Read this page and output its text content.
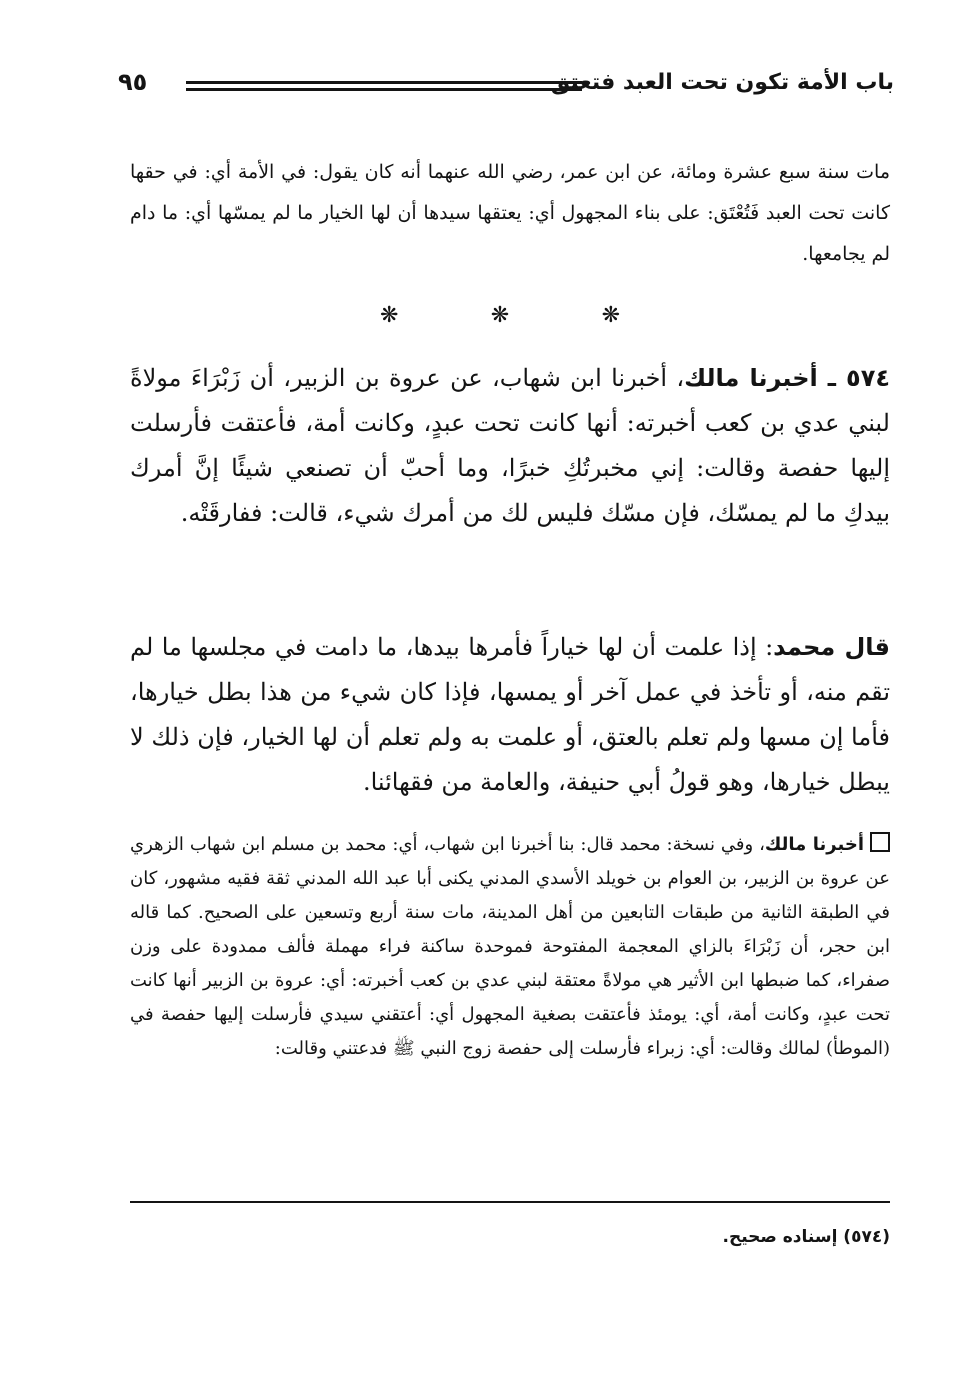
باب الأمة تكون تحت العبد فتعتق
٩٥

مات سنة سبع عشرة ومائة، عن ابن عمر، رضي الله عنهما أنه كان يقول: في الأمة أي: في حقها كانت تحت العبد فَتُعْتَق: على بناء المجهول أي: يعتقها سيدها أن لها الخيار ما لم يمسّها أي: ما دام لم يجامعها.

❋	❋	❋

٥٧٤ ـ أخبرنا مالك، أخبرنا ابن شهاب، عن عروة بن الزبير، أن زَبْرَاءَ مولاةً لبني عدي بن كعب أخبرته: أنها كانت تحت عبدٍ، وكانت أمة، فأعتقت فأرسلت إليها حفصة وقالت: إني مخبرتُكِ خبرًا، وما أحبّ أن تصنعي شيئًا إنَّ أمرك بيدكِ ما لم يمسّك، فإن مسّك فليس لك من أمرك شيء، قالت: ففارقَتْه.

قال محمد: إذا علمت أن لها خياراً فأمرها بيدها، ما دامت في مجلسها ما لم تقم منه، أو تأخذ في عمل آخر أو يمسها، فإذا كان شيء من هذا بطل خيارها، فأما إن مسها ولم تعلم بالعتق، أو علمت به ولم تعلم أن لها الخيار، فإن ذلك لا يبطل خيارها، وهو قولُ أبي حنيفة، والعامة من فقهائنا.

أخبرنا مالك، وفي نسخة: محمد قال: بنا أخبرنا ابن شهاب، أي: محمد بن مسلم ابن شهاب الزهري عن عروة بن الزبير، بن العوام بن خويلد الأسدي المدني يكنى أبا عبد الله المدني ثقة فقيه مشهور، كان في الطبقة الثانية من طبقات التابعين من أهل المدينة، مات سنة أربع وتسعين على الصحيح. كما قاله ابن حجر، أن زَبْرَاءَ بالزاي المعجمة المفتوحة فموحدة ساكنة فراء مهملة فألف ممدودة على وزن صفراء، كما ضبطها ابن الأثير هي مولاةً معتقة لبني عدي بن كعب أخبرته: أي: عروة بن الزبير أنها كانت تحت عبدٍ، وكانت أمة، أي: يومئذ فأعتقت بصغية المجهول أي: أعتقني سيدي فأرسلت إليها حفصة في (الموطأ) لمالك وقالت: أي: زبراء فأرسلت إلى حفصة زوج النبي ﷺ فدعتني وقالت:

(٥٧٤) إسناده صحيح.
